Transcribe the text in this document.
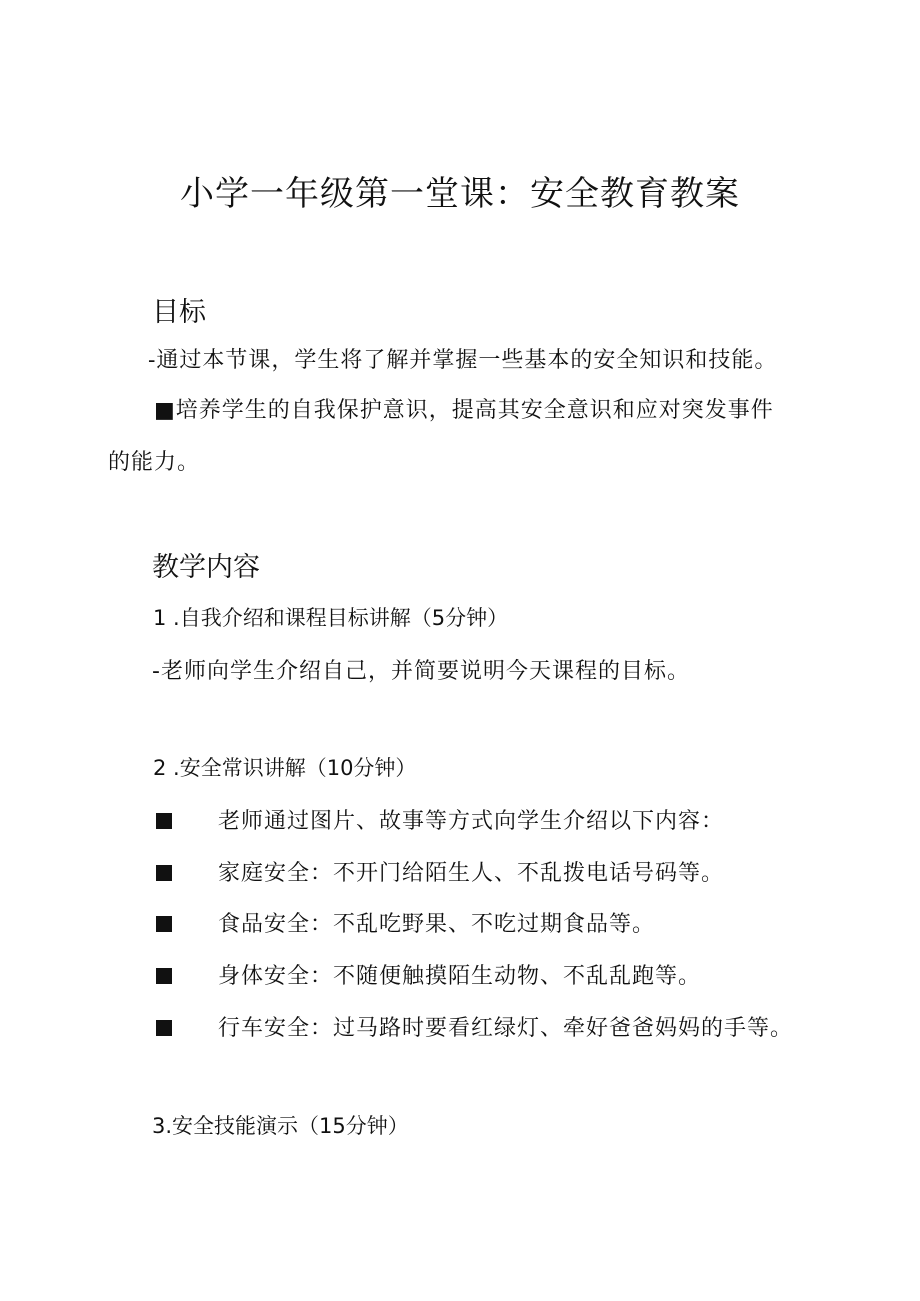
小学一年级第一堂课：安全教育教案
目标
-通过本节课，学生将了解并掌握一些基本的安全知识和技能。
■培养学生的自我保护意识，提高其安全意识和应对突发事件
的能力。
教学内容
1 .自我介绍和课程目标讲解（5分钟）
-老师向学生介绍自己，并简要说明今天课程的目标。
2 .安全常识讲解（10分钟）
老师通过图片、故事等方式向学生介绍以下内容：
家庭安全：不开门给陌生人、不乱拨电话号码等。
食品安全：不乱吃野果、不吃过期食品等。
身体安全：不随便触摸陌生动物、不乱乱跑等。
行车安全：过马路时要看红绿灯、牵好爸爸妈妈的手等。
3.安全技能演示（15分钟）
